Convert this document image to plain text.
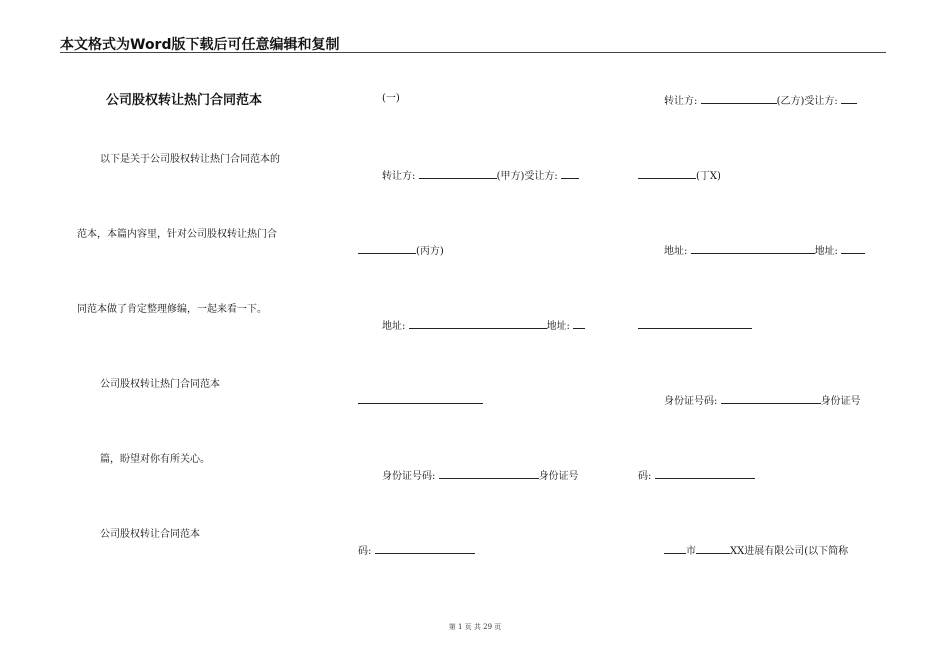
本文格式为Word版下载后可任意编辑和复制
公司股权转让热门合同范本
以下是关于公司股权转让热门合同范本的
范本，本篇内容里，针对公司股权转让热门合
同范本做了肯定整理修编，一起来看一下。
公司股权转让热门合同范本
篇，盼望对你有所关心。
公司股权转让合同范本
(一)
转让方:	(甲方)受让方:
(丙方)
地址:	地址:
身份证号码:	身份证号
码:
转让方:	(乙方)受让方:
(丁X)
地址:	地址:
身份证号码:	身份证号
码:
市	XX进展有限公司(以下简称
第 1 页 共 29 页
